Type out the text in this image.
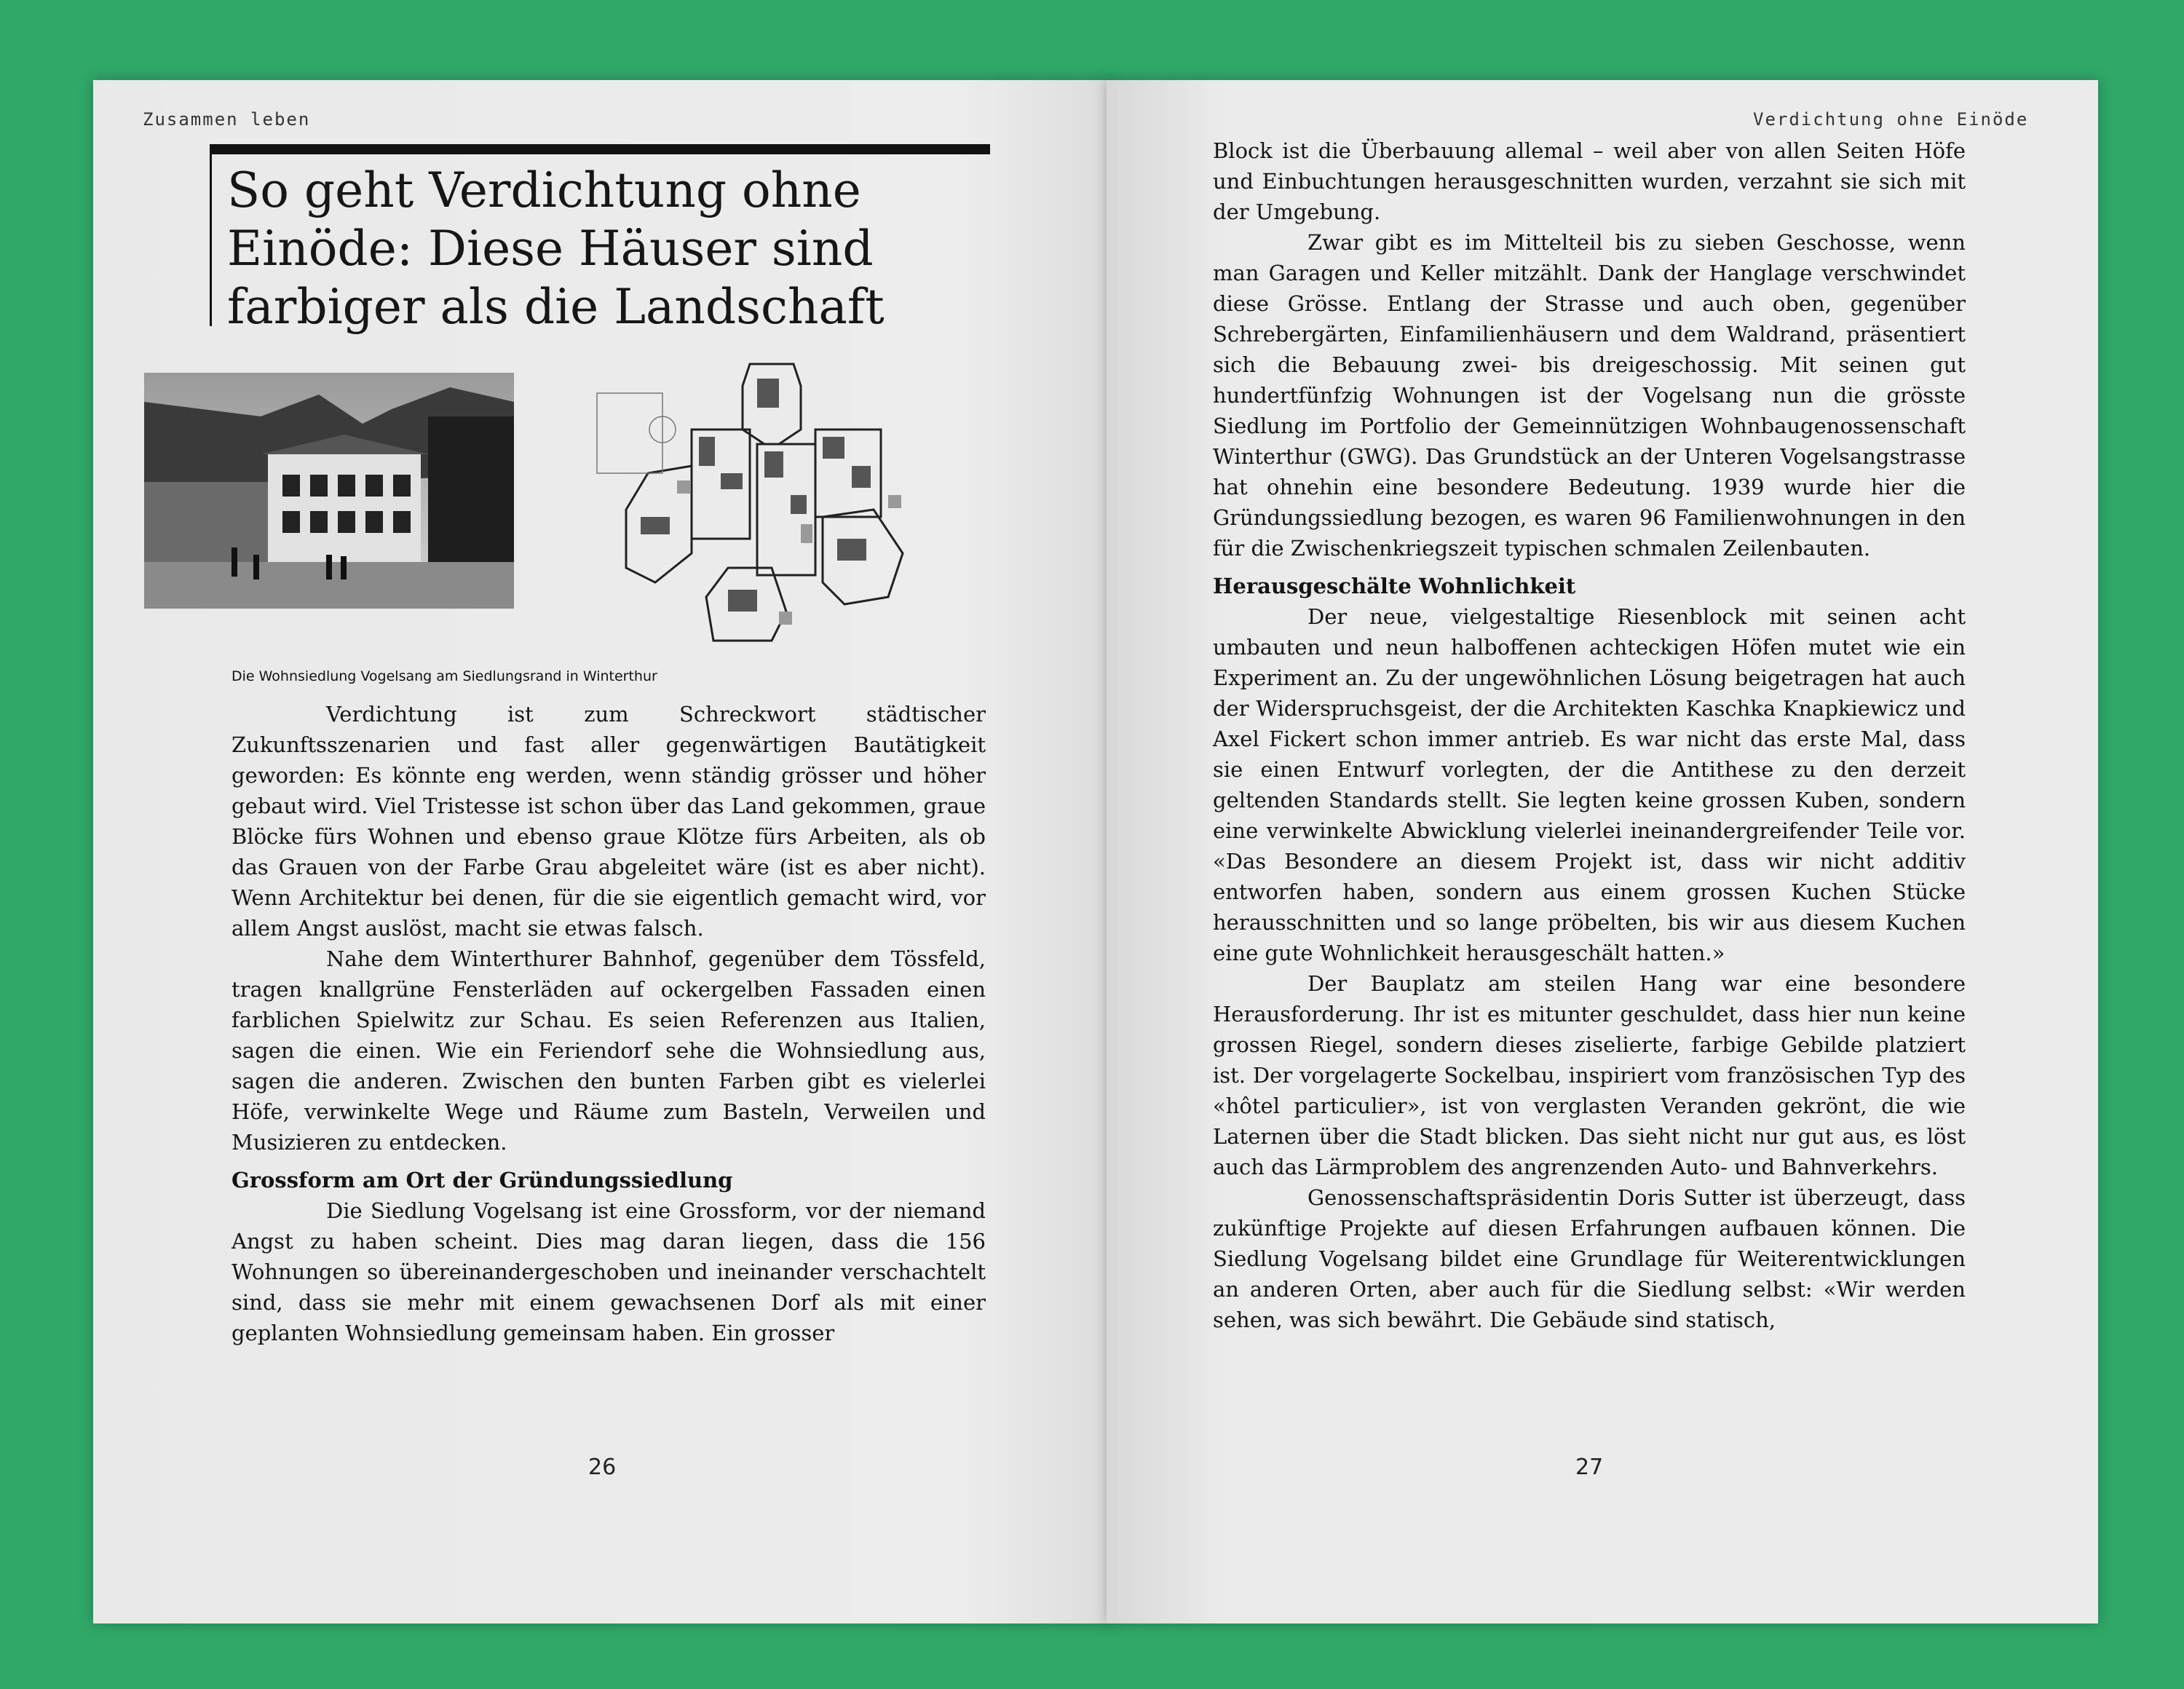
Zusammen leben	Verdichtung ohne Einöde
So geht Verdichtung ohne Einöde: Diese Häuser sind farbiger als die Landschaft
Die Wohnsiedlung Vogelsang am Siedlungsrand in Winterthur

Verdichtung ist zum Schreckwort städtischer Zukunftsszenarien und fast aller gegenwärtigen Bautätigkeit geworden: Es könnte eng werden, wenn ständig grösser und höher gebaut wird. Viel Tristesse ist schon über das Land gekommen, graue Blöcke fürs Wohnen und ebenso graue Klötze fürs Arbeiten, als ob das Grauen von der Farbe Grau abgeleitet wäre (ist es aber nicht). Wenn Architektur bei denen, für die sie eigentlich gemacht wird, vor allem Angst auslöst, macht sie etwas falsch.

Nahe dem Winterthurer Bahnhof, gegenüber dem Tössfeld, tragen knallgrüne Fensterläden auf ockergelben Fassaden einen farblichen Spielwitz zur Schau. Es seien Referenzen aus Italien, sagen die einen. Wie ein Feriendorf sehe die Wohnsiedlung aus, sagen die anderen. Zwischen den bunten Farben gibt es vielerlei Höfe, verwinkelte Wege und Räume zum Basteln, Verweilen und Musizieren zu entdecken.

Grossform am Ort der Gründungssiedlung

Die Siedlung Vogelsang ist eine Grossform, vor der niemand Angst zu haben scheint. Dies mag daran liegen, dass die 156 Wohnungen so übereinandergeschoben und ineinander verschachtelt sind, dass sie mehr mit einem gewachsenen Dorf als mit einer geplanten Wohnsiedlung gemeinsam haben. Ein grosser

Block ist die Überbauung allemal – weil aber von allen Seiten Höfe und Einbuchtungen herausgeschnitten wurden, verzahnt sie sich mit der Umgebung.

Zwar gibt es im Mittelteil bis zu sieben Geschosse, wenn man Garagen und Keller mitzählt. Dank der Hanglage verschwindet diese Grösse. Entlang der Strasse und auch oben, gegenüber Schrebergärten, Einfamilienhäusern und dem Waldrand, präsentiert sich die Bebauung zwei- bis dreigeschossig. Mit seinen gut hundertfünfzig Wohnungen ist der Vogelsang nun die grösste Siedlung im Portfolio der Gemeinnützigen Wohnbaugenossenschaft Winterthur (GWG). Das Grundstück an der Unteren Vogelsangstrasse hat ohnehin eine besondere Bedeutung. 1939 wurde hier die Gründungssiedlung bezogen, es waren 96 Familienwohnungen in den für die Zwischenkriegszeit typischen schmalen Zeilenbauten.

Herausgeschälte Wohnlichkeit

Der neue, vielgestaltige Riesenblock mit seinen acht umbauten und neun halboffenen achteckigen Höfen mutet wie ein Experiment an. Zu der ungewöhnlichen Lösung beigetragen hat auch der Widerspruchsgeist, der die Architekten Kaschka Knapkiewicz und Axel Fickert schon immer antrieb. Es war nicht das erste Mal, dass sie einen Entwurf vorlegten, der die Antithese zu den derzeit geltenden Standards stellt. Sie legten keine grossen Kuben, sondern eine verwinkelte Abwicklung vielerlei ineinandergreifender Teile vor. «Das Besondere an diesem Projekt ist, dass wir nicht additiv entworfen haben, sondern aus einem grossen Kuchen Stücke herausschnitten und so lange pröbelten, bis wir aus diesem Kuchen eine gute Wohnlichkeit herausgeschält hatten.»

Der Bauplatz am steilen Hang war eine besondere Herausforderung. Ihr ist es mitunter geschuldet, dass hier nun keine grossen Riegel, sondern dieses ziselierte, farbige Gebilde platziert ist. Der vorgelagerte Sockelbau, inspiriert vom französischen Typ des «hôtel particulier», ist von verglasten Veranden gekrönt, die wie Laternen über die Stadt blicken. Das sieht nicht nur gut aus, es löst auch das Lärmproblem des angrenzenden Auto- und Bahnverkehrs.

Genossenschaftspräsidentin Doris Sutter ist überzeugt, dass zukünftige Projekte auf diesen Erfahrungen aufbauen können. Die Siedlung Vogelsang bildet eine Grundlage für Weiterentwicklungen an anderen Orten, aber auch für die Siedlung selbst: «Wir werden sehen, was sich bewährt. Die Gebäude sind statisch,

26	27
